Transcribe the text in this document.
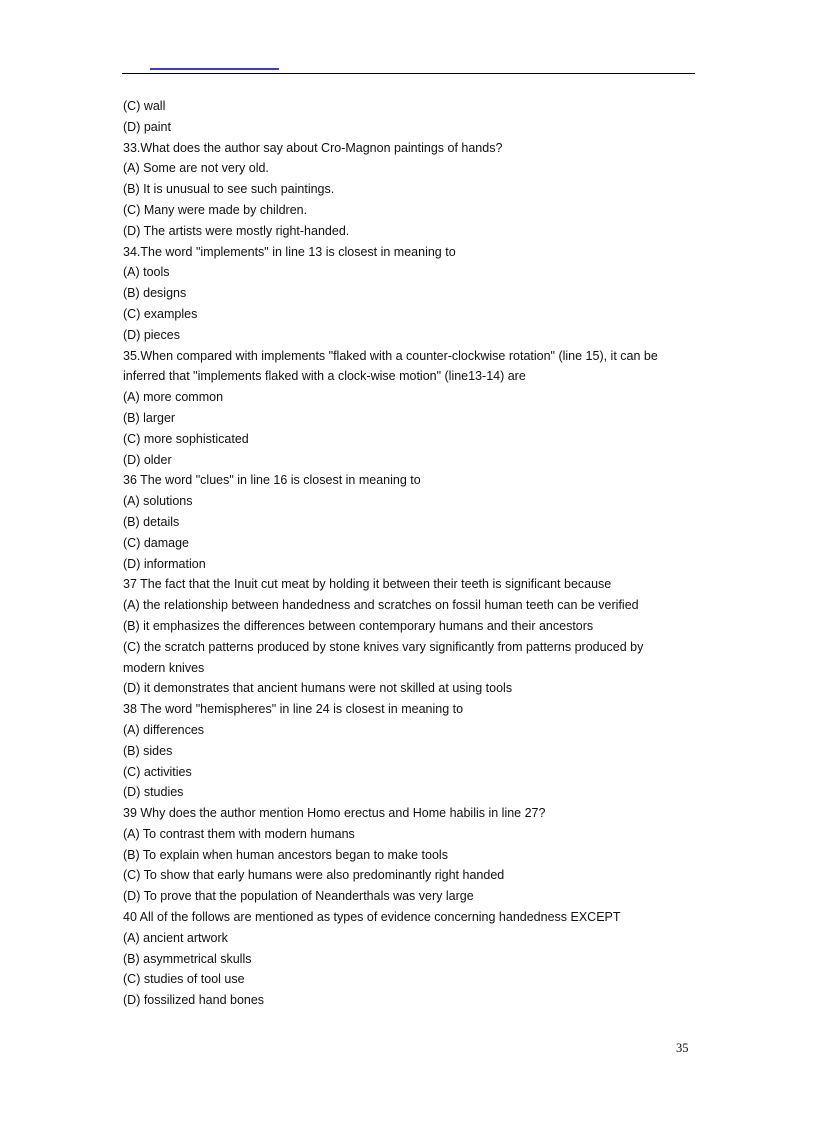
(C) wall
(D) paint
33.What does the author say about Cro-Magnon paintings of hands?
(A) Some are not very old.
(B) It is unusual to see such paintings.
(C) Many were made by children.
(D) The artists were mostly right-handed.
34.The word "implements" in line 13 is closest in meaning to
(A) tools
(B) designs
(C) examples
(D) pieces
35.When compared with implements "flaked with a counter-clockwise rotation" (line 15), it can be
inferred that "implements flaked with a clock-wise motion" (line13-14) are
(A) more common
(B) larger
(C) more sophisticated
(D) older
36 The word "clues" in line 16 is closest in meaning to
(A) solutions
(B) details
(C) damage
(D) information
37 The fact that the Inuit cut meat by holding it between their teeth is significant because
(A) the relationship between handedness and scratches on fossil human teeth can be verified
(B) it emphasizes the differences between contemporary humans and their ancestors
(C) the scratch patterns produced by stone knives vary significantly from patterns produced by
modern knives
(D) it demonstrates that ancient humans were not skilled at using tools
38 The word "hemispheres" in line 24 is closest in meaning to
(A) differences
(B) sides
(C) activities
(D) studies
39 Why does the author mention Homo erectus and Home habilis in line 27?
(A) To contrast them with modern humans
(B) To explain when human ancestors began to make tools
(C) To show that early humans were also predominantly right handed
(D) To prove that the population of Neanderthals was very large
40 All of the follows are mentioned as types of evidence concerning handedness EXCEPT
(A) ancient artwork
(B) asymmetrical skulls
(C) studies of tool use
(D) fossilized hand bones
35
